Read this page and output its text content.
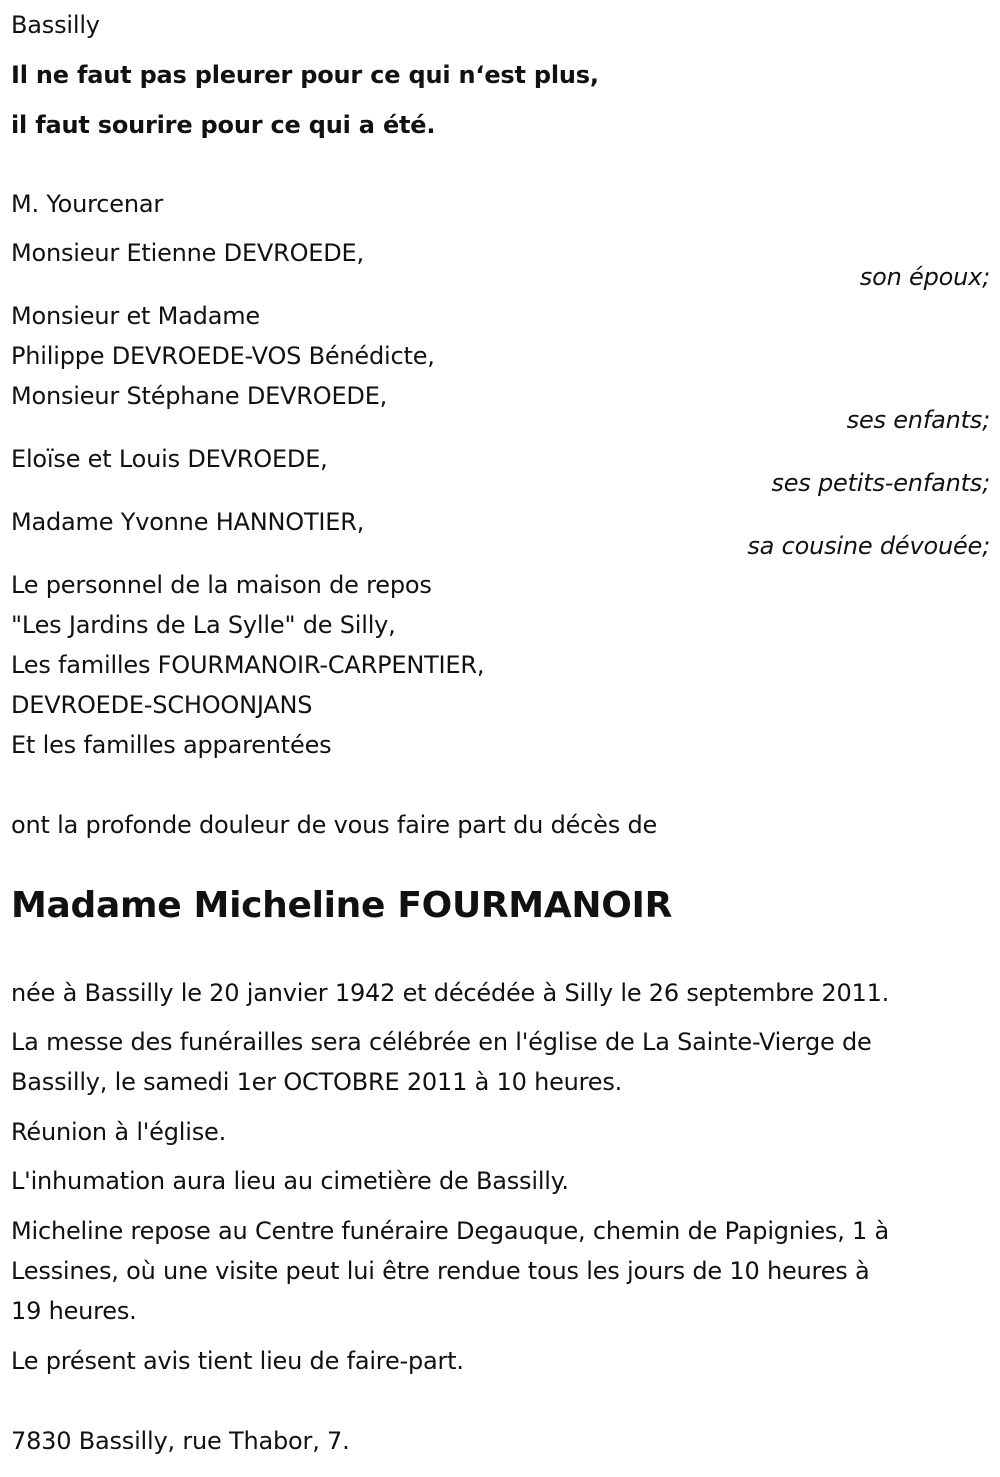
Bassilly

Il ne faut pas pleurer pour ce qui n‘est plus,

il faut sourire pour ce qui a été.

M. Yourcenar

Monsieur Etienne DEVROEDE,

son époux;

Monsieur et Madame

Philippe DEVROEDE-VOS Bénédicte,

Monsieur Stéphane DEVROEDE,

ses enfants;

Eloïse et Louis DEVROEDE,

ses petits-enfants;

Madame Yvonne HANNOTIER,

sa cousine dévouée;

Le personnel de la maison de repos

"Les Jardins de La Sylle" de Silly,

Les familles FOURMANOIR-CARPENTIER,

DEVROEDE-SCHOONJANS

Et les familles apparentées

ont la profonde douleur de vous faire part du décès de

Madame Micheline FOURMANOIR

née à Bassilly le 20 janvier 1942 et décédée à Silly le 26 septembre 2011.

La messe des funérailles sera célébrée en l'église de La Sainte-Vierge de

Bassilly, le samedi 1er OCTOBRE 2011 à 10 heures.

Réunion à l'église.

L'inhumation aura lieu au cimetière de Bassilly.

Micheline repose au Centre funéraire Degauque, chemin de Papignies, 1 à

Lessines, où une visite peut lui être rendue tous les jours de 10 heures à

19 heures.

Le présent avis tient lieu de faire-part.

7830 Bassilly, rue Thabor, 7.
